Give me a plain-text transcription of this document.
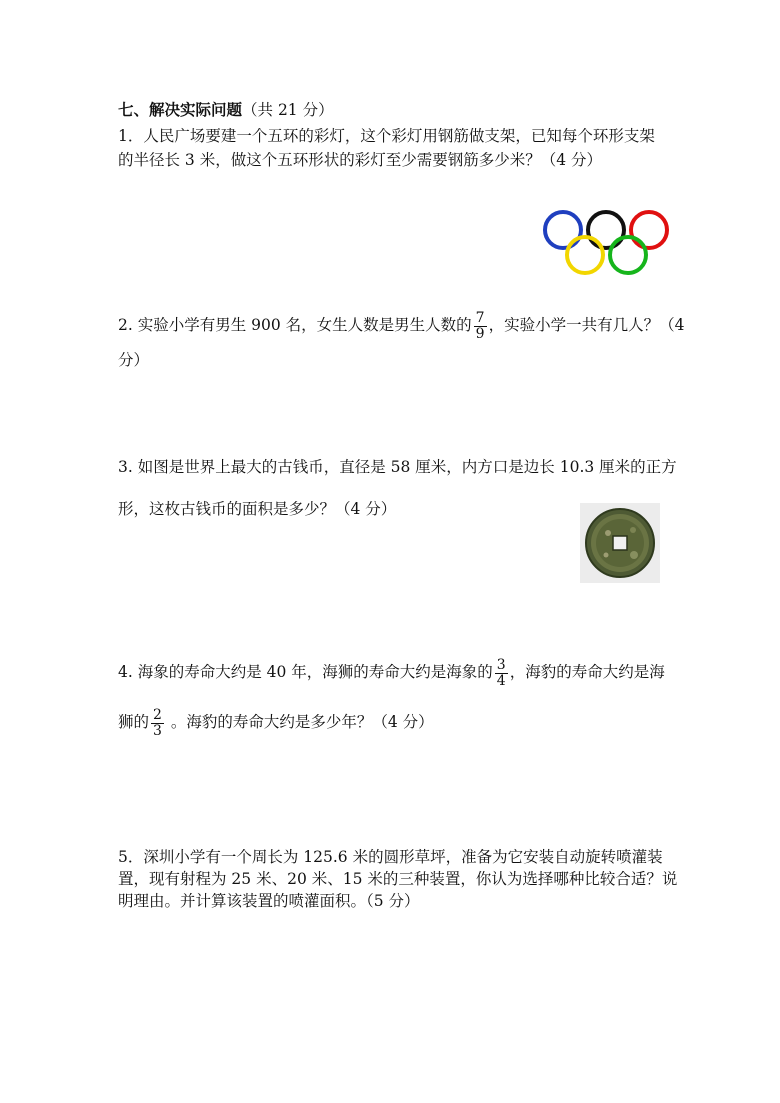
七、解决实际问题（共 21 分）
1．人民广场要建一个五环的彩灯，这个彩灯用钢筋做支架，已知每个环形支架
的半径长 3 米，做这个五环形状的彩灯至少需要钢筋多少米？（4 分）
2. 实验小学有男生 900 名，女生人数是男生人数的 $\frac{7}{9}$ ，实验小学一共有几人？（4
分）
3. 如图是世界上最大的古钱币，直径是 58 厘米，内方口是边长 10.3 厘米的正方
形，这枚古钱币的面积是多少？（4 分）
4. 海象的寿命大约是 40 年，海狮的寿命大约是海象的 $\frac{3}{4}$ ，海豹的寿命大约是海
狮的 $\frac{2}{3}$ 。海豹的寿命大约是多少年？（4 分）
5．深圳小学有一个周长为 125.6 米的圆形草坪，准备为它安装自动旋转喷灌装
置，现有射程为 25 米、20 米、15 米的三种装置，你认为选择哪种比较合适？说
明理由。并计算该装置的喷灌面积。（5 分）
